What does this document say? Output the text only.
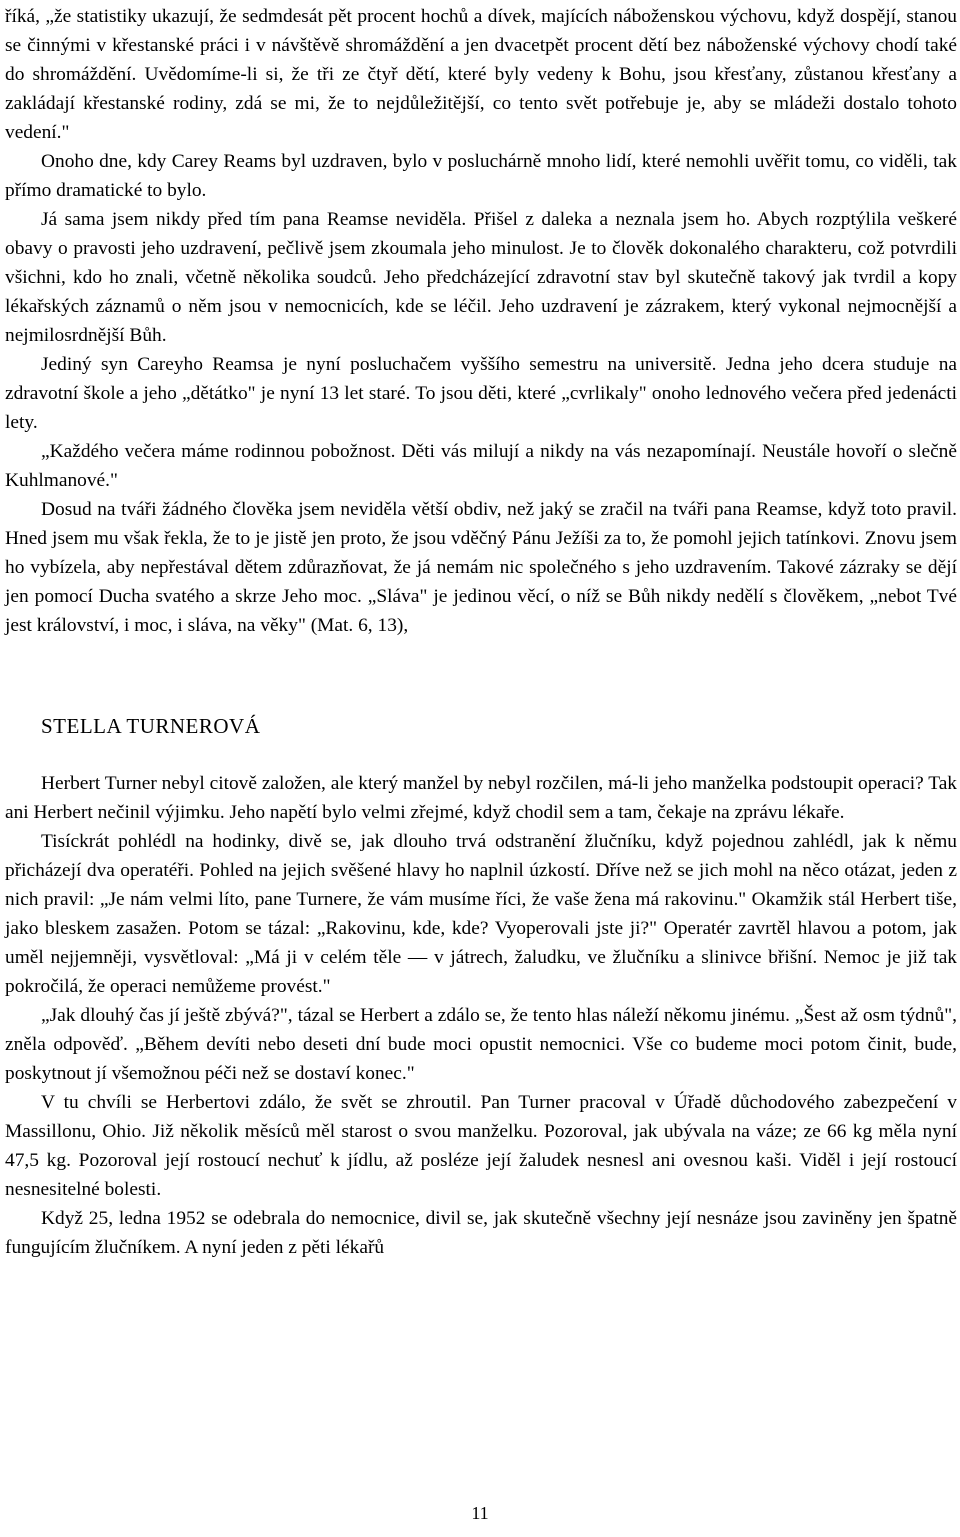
říká, „že statistiky ukazují, že sedmdesát pět procent hochů a dívek, majících náboženskou výchovu, když dospějí, stanou se činnými v křestanské práci i v návštěvě shromáždění a jen dvacetpět procent dětí bez náboženské výchovy chodí také do shromáždění. Uvědomíme-li si, že tři ze čtyř dětí, které byly vedeny k Bohu, jsou křesťany, zůstanou křesťany a zakládají křestanské rodiny, zdá se mi, že to nejdůležitější, co tento svět potřebuje je, aby se mládeži dostalo tohoto vedení."

Onoho dne, kdy Carey Reams byl uzdraven, bylo v posluchárně mnoho lidí, které nemohli uvěřit tomu, co viděli, tak přímo dramatické to bylo.

Já sama jsem nikdy před tím pana Reamse neviděla. Přišel z daleka a neznala jsem ho. Abych rozptýlila veškeré obavy o pravosti jeho uzdravení, pečlivě jsem zkoumala jeho minulost. Je to člověk dokonalého charakteru, což potvrdili všichni, kdo ho znali, včetně několika soudců. Jeho předcházející zdravotní stav byl skutečně takový jak tvrdil a kopy lékařských záznamů o něm jsou v nemocnicích, kde se léčil. Jeho uzdravení je zázrakem, který vykonal nejmocnější a nejmilosrdnější Bůh.

Jediný syn Careyho Reamsa je nyní posluchačem vyššího semestru na universitě. Jedna jeho dcera studuje na zdravotní škole a jeho „dětátko" je nyní 13 let staré. To jsou děti, které „cvrlikaly" onoho lednového večera před jedenácti lety.

„Každého večera máme rodinnou pobožnost. Děti vás milují a nikdy na vás nezapomínají. Neustále hovoří o slečně Kuhlmanové."

Dosud na tváři žádného člověka jsem neviděla větší obdiv, než jaký se zračil na tváři pana Reamse, když toto pravil. Hned jsem mu však řekla, že to je jistě jen proto, že jsou vděčný Pánu Ježíši za to, že pomohl jejich tatínkovi. Znovu jsem ho vybízela, aby nepřestával dětem zdůrazňovat, že já nemám nic společného s jeho uzdravením. Takové zázraky se dějí jen pomocí Ducha svatého a skrze Jeho moc. „Sláva" je jedinou věcí, o níž se Bůh nikdy nedělí s člověkem, „nebot Tvé jest království, i moc, i sláva, na věky" (Mat. 6, 13),

STELLA TURNEROVÁ

Herbert Turner nebyl citově založen, ale který manžel by nebyl rozčilen, má-li jeho manželka podstoupit operaci? Tak ani Herbert nečinil výjimku. Jeho napětí bylo velmi zřejmé, když chodil sem a tam, čekaje na zprávu lékaře.

Tisíckrát pohlédl na hodinky, divě se, jak dlouho trvá odstranění žlučníku, když pojednou zahlédl, jak k němu přicházejí dva operatéři. Pohled na jejich svěšené hlavy ho naplnil úzkostí. Dříve než se jich mohl na něco otázat, jeden z nich pravil: „Je nám velmi líto, pane Turnere, že vám musíme říci, že vaše žena má rakovinu." Okamžik stál Herbert tiše, jako bleskem zasažen. Potom se tázal: „Rakovinu, kde, kde? Vyoperovali jste ji?" Operatér zavrtěl hlavou a potom, jak uměl nejjemněji, vysvětloval: „Má ji v celém těle — v játrech, žaludku, ve žlučníku a slinivce břišní. Nemoc je již tak pokročilá, že operaci nemůžeme provést."

„Jak dlouhý čas jí ještě zbývá?", tázal se Herbert a zdálo se, že tento hlas náleží někomu jinému. „Šest až osm týdnů", zněla odpověď. „Během devíti nebo deseti dní bude moci opustit nemocnici. Vše co budeme moci potom činit, bude, poskytnout jí všemožnou péči než se dostaví konec."

V tu chvíli se Herbertovi zdálo, že svět se zhroutil. Pan Turner pracoval v Úřadě důchodového zabezpečení v Massillonu, Ohio. Již několik měsíců měl starost o svou manželku. Pozoroval, jak ubývala na váze; ze 66 kg měla nyní 47,5 kg. Pozoroval její rostoucí nechuť k jídlu, až posléze její žaludek nesnesl ani ovesnou kaši. Viděl i její rostoucí nesnesitelné bolesti.

Když 25, ledna 1952 se odebrala do nemocnice, divil se, jak skutečně všechny její nesnáze jsou zaviněny jen špatně fungujícím žlučníkem. A nyní jeden z pěti lékařů

11
